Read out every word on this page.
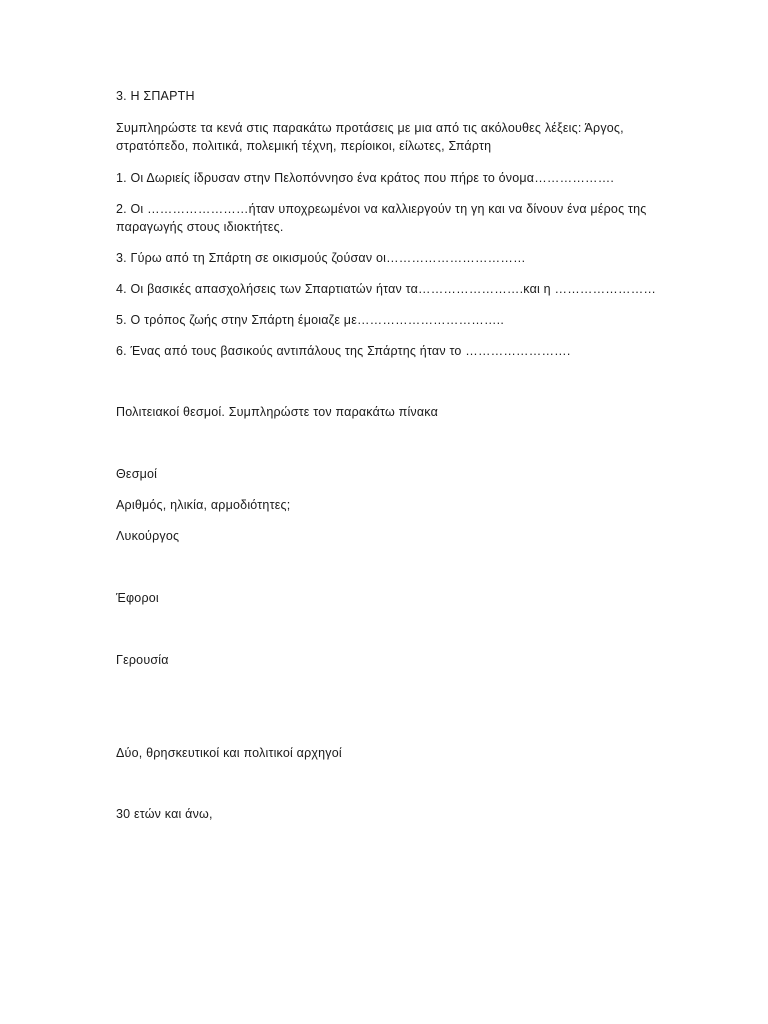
3. Η ΣΠΑΡΤΗ
Συμπληρώστε τα κενά στις παρακάτω προτάσεις με μια από τις ακόλουθες λέξεις: Άργος,
στρατόπεδο, πολιτικά, πολεμική τέχνη, περίοικοι, είλωτες, Σπάρτη
1. Οι Δωριείς ίδρυσαν στην Πελοπόννησο ένα κράτος που πήρε το όνομα……………….
2. Οι ……………………ήταν υποχρεωμένοι να καλλιεργούν τη γη και να δίνουν ένα μέρος της
παραγωγής στους ιδιοκτήτες.
3. Γύρω από τη Σπάρτη σε οικισμούς ζούσαν οι……………………………
4. Οι βασικές απασχολήσεις των Σπαρτιατών ήταν τα…………………….και η ……………………
5. Ο τρόπος ζωής στην Σπάρτη έμοιαζε με……………………………..
6. Ένας από τους βασικούς αντιπάλους της Σπάρτης ήταν το …………………….
Πολιτειακοί θεσμοί. Συμπληρώστε τον παρακάτω πίνακα
Θεσμοί
Αριθμός, ηλικία, αρμοδιότητες;
Λυκούργος
Έφοροι
Γερουσία
Δύο, θρησκευτικοί και πολιτικοί αρχηγοί
30 ετών και άνω,
